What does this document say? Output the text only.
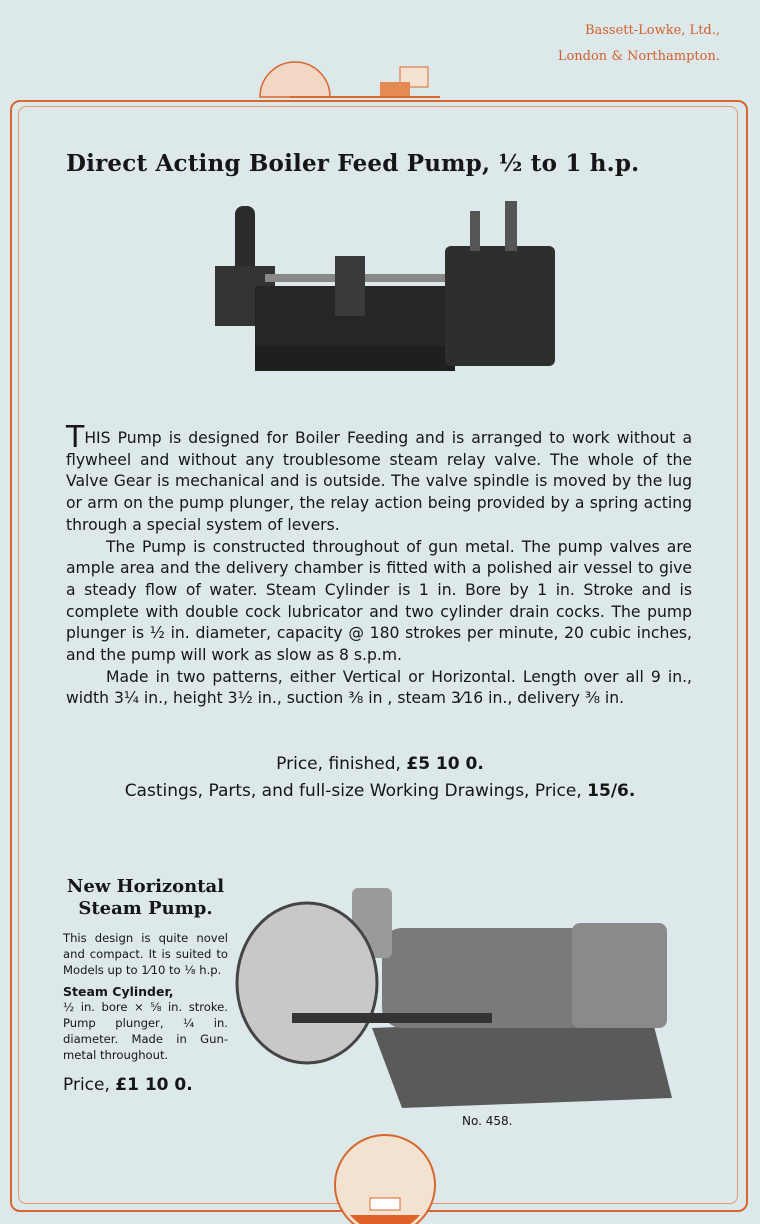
Bassett-Lowke, Ltd.,
London & Northampton.
Direct Acting Boiler Feed Pump, ½ to 1 h.p.

THIS Pump is designed for Boiler Feeding and is arranged to work without a flywheel and without any troublesome steam relay valve. The whole of the Valve Gear is mechanical and is outside. The valve spindle is moved by the lug or arm on the pump plunger, the relay action being provided by a spring acting through a special system of levers.

The Pump is constructed throughout of gun metal. The pump valves are ample area and the delivery chamber is fitted with a polished air vessel to give a steady flow of water. Steam Cylinder is 1 in. Bore by 1 in. Stroke and is complete with double cock lubricator and two cylinder drain cocks. The pump plunger is ½ in. diameter, capacity @ 180 strokes per minute, 20 cubic inches, and the pump will work as slow as 8 s.p.m.

Made in two patterns, either Vertical or Horizontal. Length over all 9 in., width 3¼ in., height 3½ in., suction ⅜ in , steam 3⁄16 in., delivery ⅜ in.

Price, finished, £5 10 0.
Castings, Parts, and full-size Working Drawings, Price, 15/6.
New Horizontal
Steam Pump.
This design is quite novel and compact. It is suited to Models up to 1⁄10 to ⅛ h.p.
Steam Cylinder,
½ in. bore × ⅝ in. stroke. Pump plunger, ¼ in. diameter. Made in Gun-metal throughout.
Price, £1 10 0.
No. 458.
